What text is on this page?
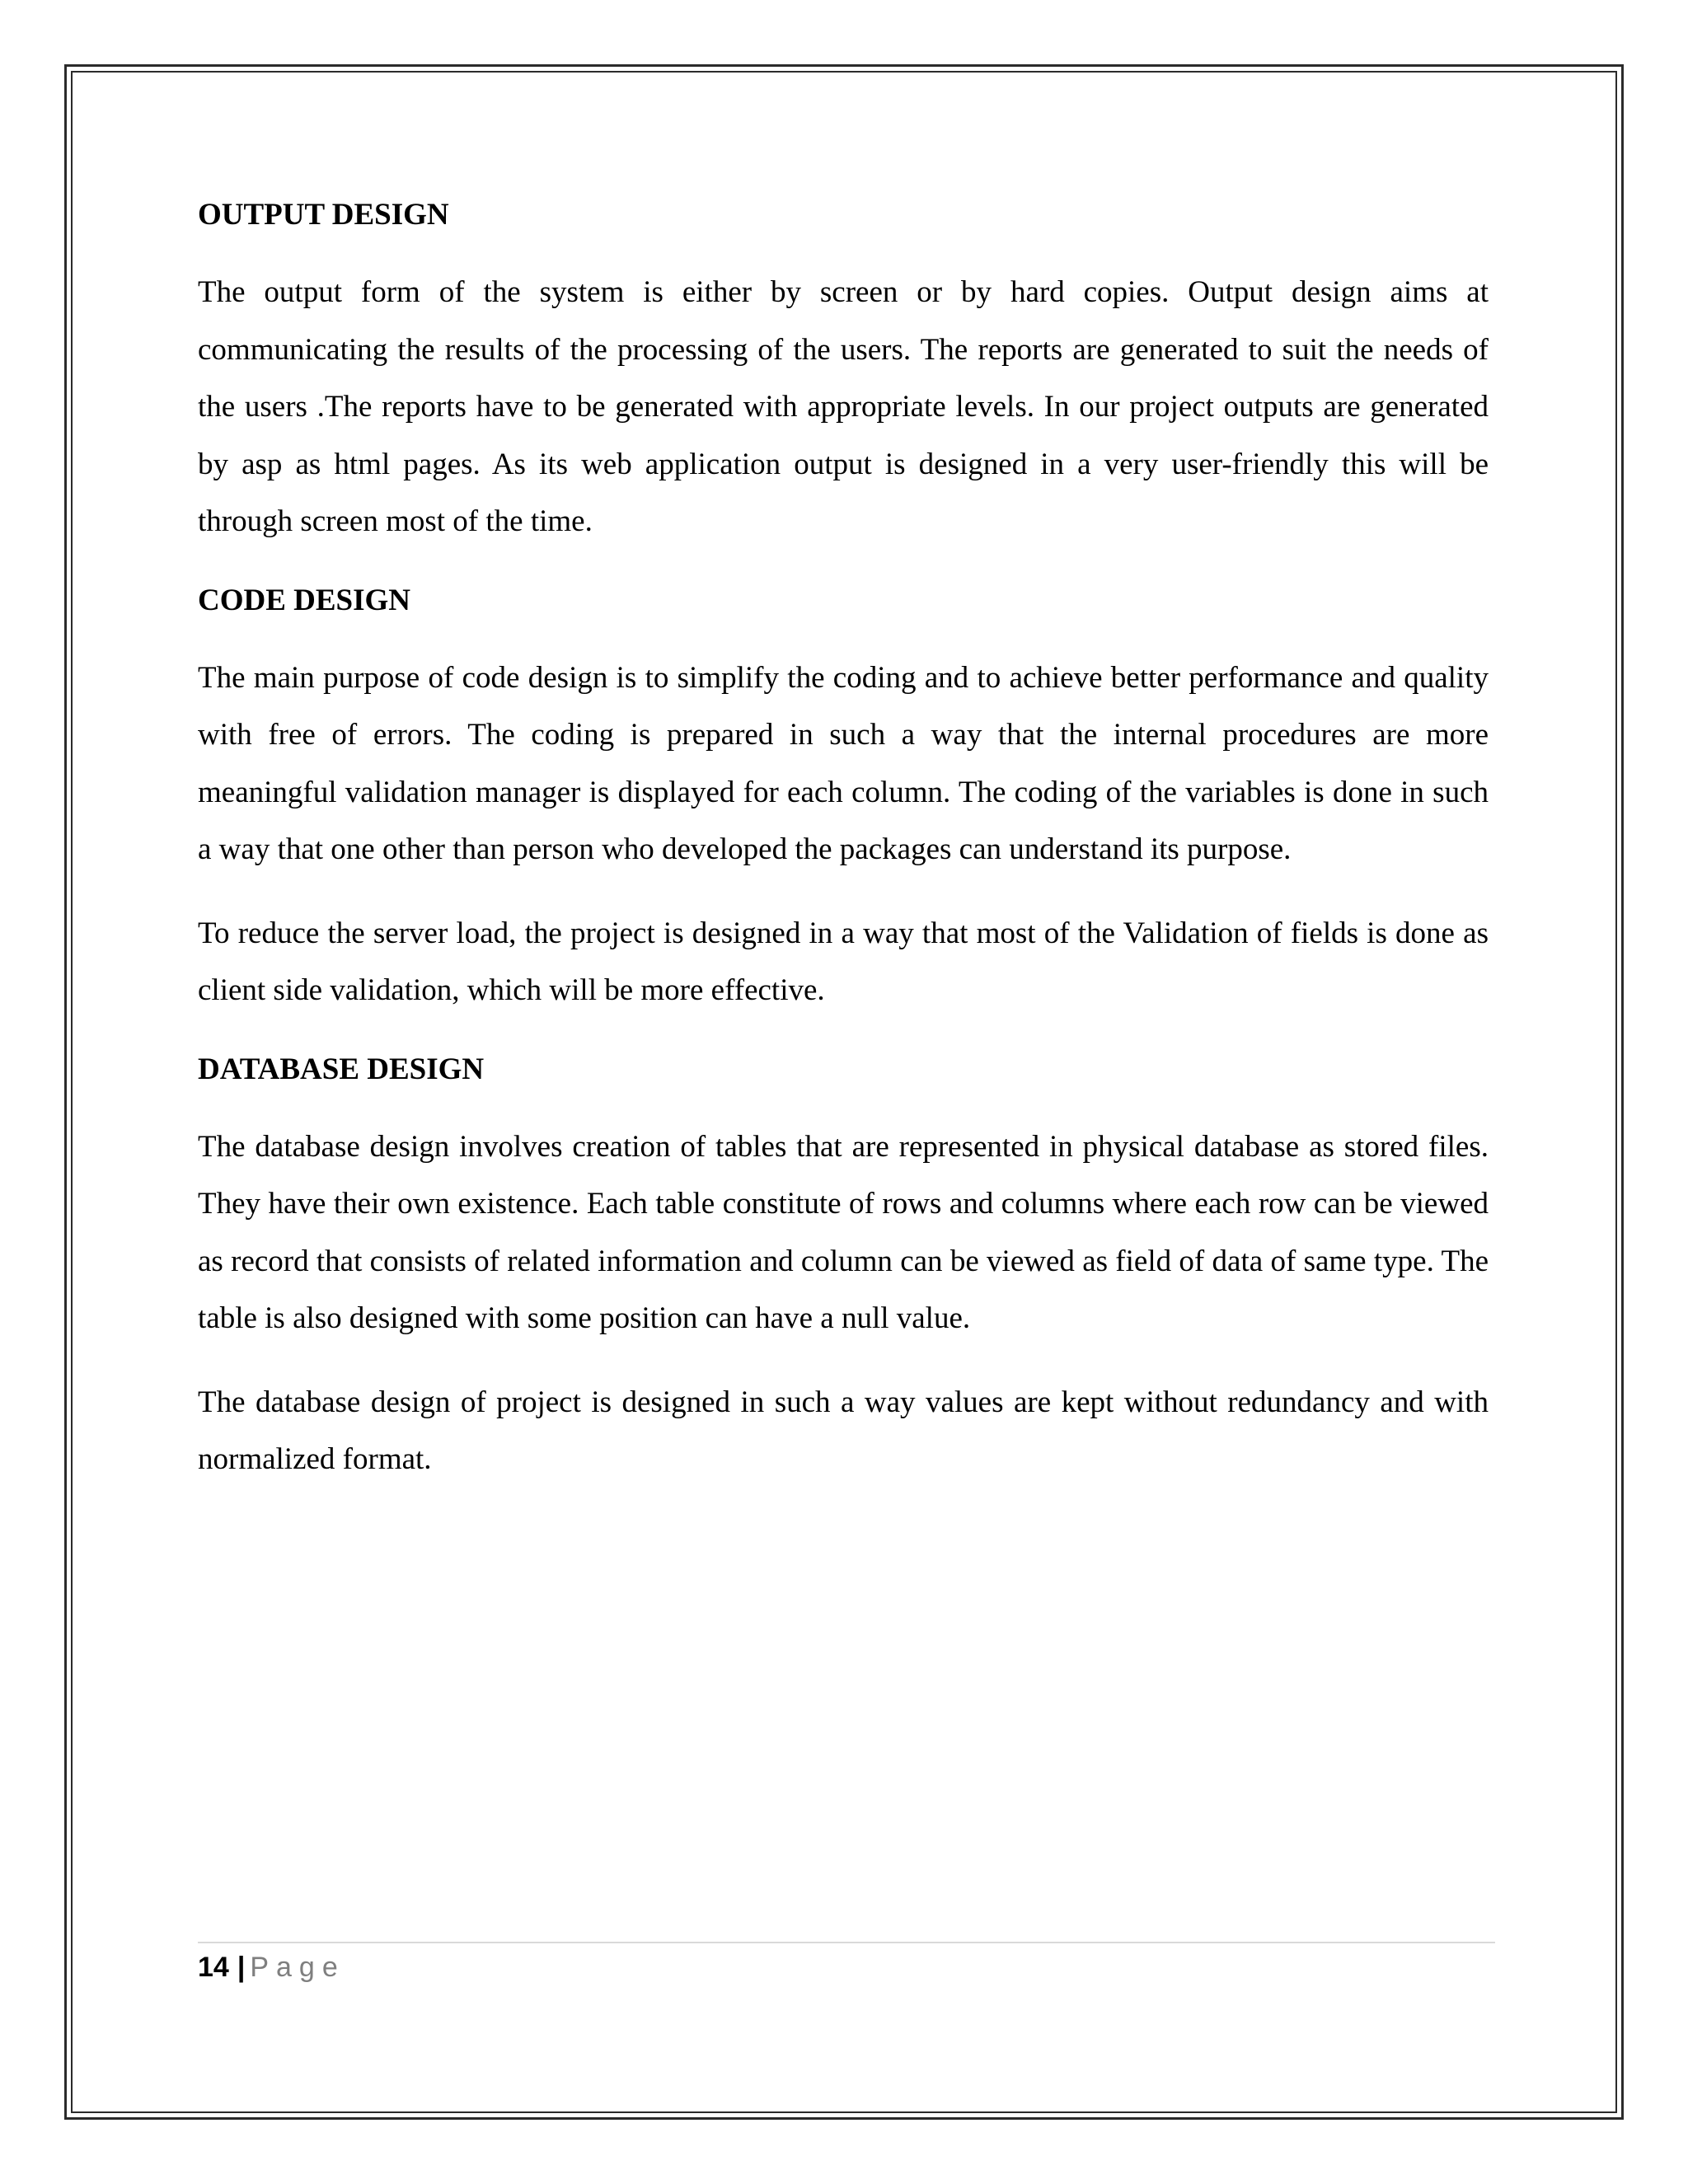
OUTPUT DESIGN

The output form of the system is either by screen or by hard copies. Output design aims at communicating the results of the processing of the users. The reports are generated to suit the needs of the users .The reports have to be generated with appropriate levels. In our project outputs are generated by asp as html pages. As its web application output is designed in a very user-friendly this will be through screen most of the time.

CODE DESIGN

The main purpose of code design is to simplify the coding and to achieve better performance and quality with free of errors. The coding is prepared in such a way that the internal procedures are more meaningful validation manager is displayed for each column. The coding of the variables is done in such a way that one other than person who developed the packages can understand its purpose.

To reduce the server load, the project is designed in a way that most of the Validation of fields is done as client side validation, which will be more effective.

DATABASE DESIGN

The database design involves creation of tables that are represented in physical database as stored files. They have their own existence. Each table constitute of rows and columns where each row can be viewed as record that consists of related information and column can be viewed as field of data of same type. The table is also designed with some position can have a null value.

The database design of project is designed in such a way values are kept without redundancy and with normalized format.

14 | Page
